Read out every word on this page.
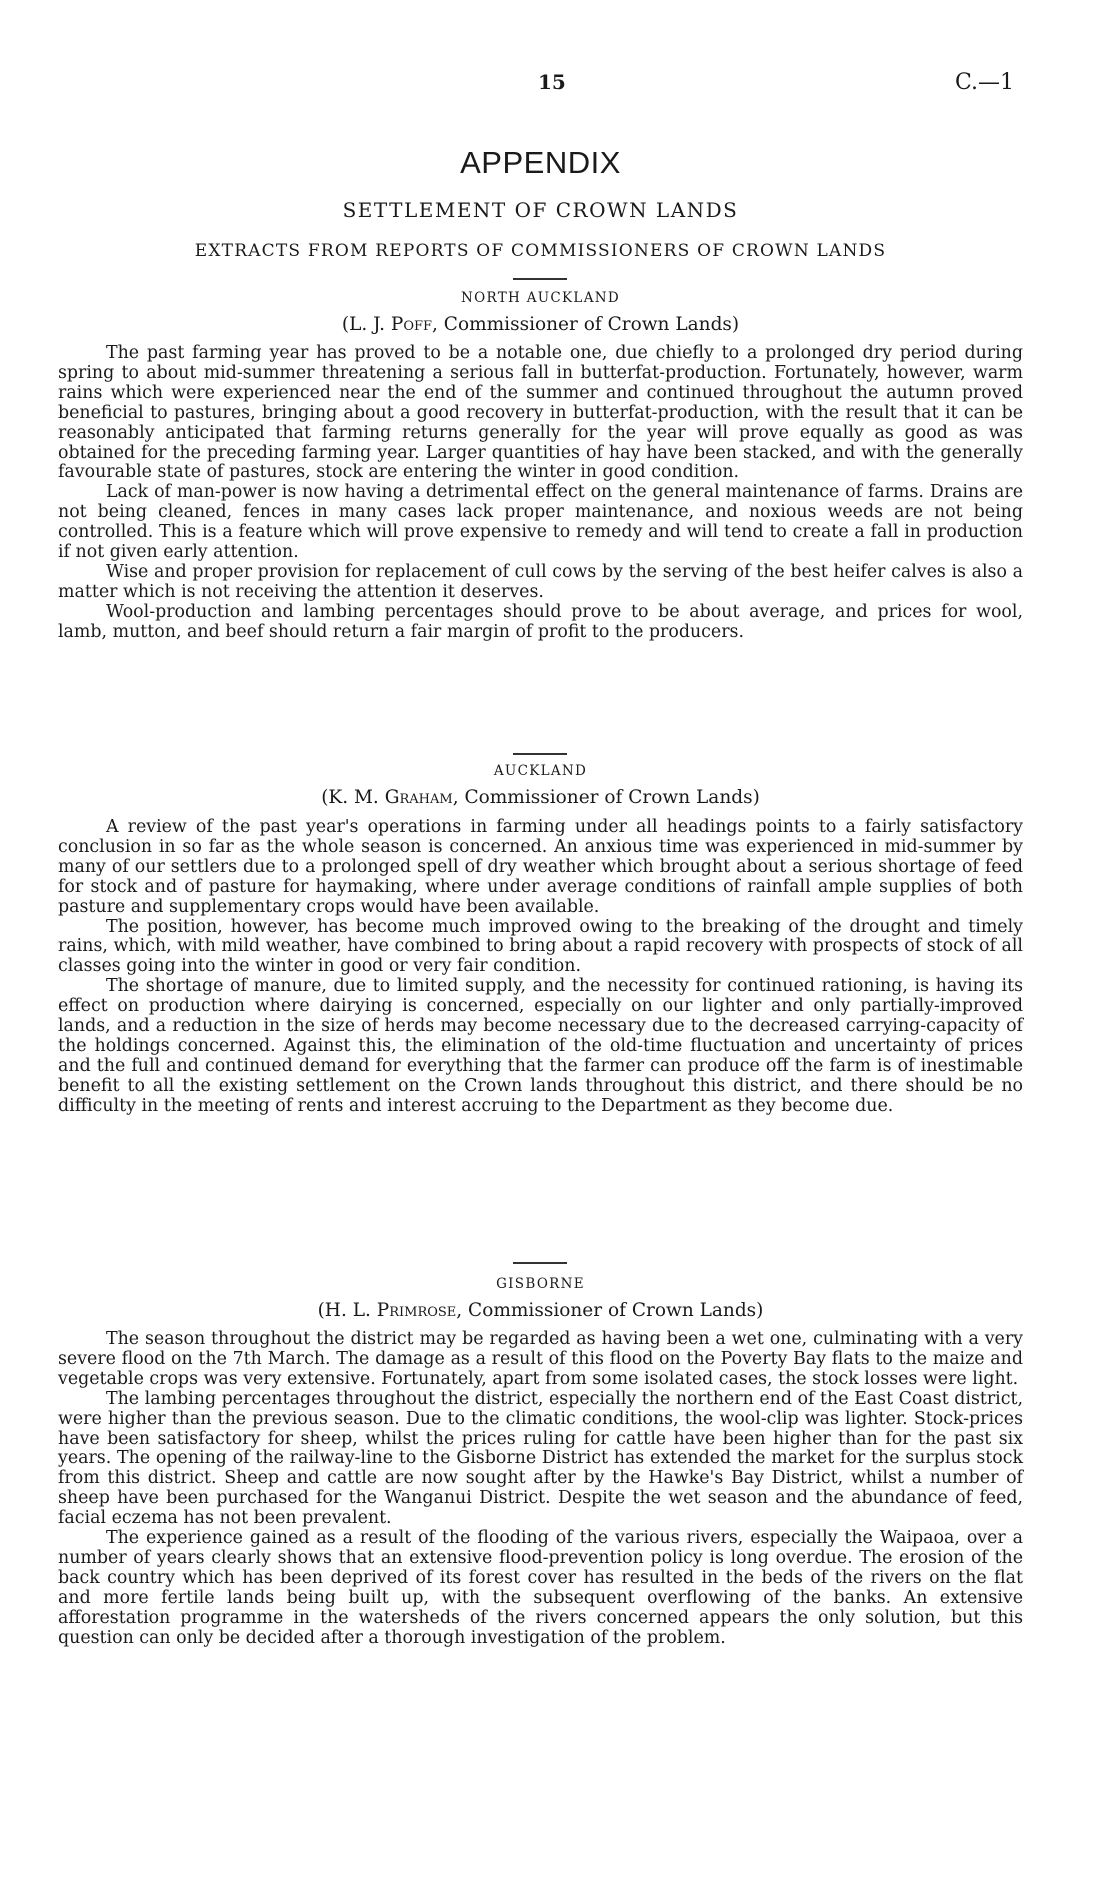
15	C.—1
APPENDIX
SETTLEMENT OF CROWN LANDS
EXTRACTS FROM REPORTS OF COMMISSIONERS OF CROWN LANDS
NORTH AUCKLAND
(L. J. Poff, Commissioner of Crown Lands)

The past farming year has proved to be a notable one, due chiefly to a prolonged dry period during spring to about mid-summer threatening a serious fall in butterfat-production. Fortunately, however, warm rains which were experienced near the end of the summer and continued throughout the autumn proved beneficial to pastures, bringing about a good recovery in butterfat-production, with the result that it can be reasonably anticipated that farming returns generally for the year will prove equally as good as was obtained for the preceding farming year. Larger quantities of hay have been stacked, and with the generally favourable state of pastures, stock are entering the winter in good condition.

Lack of man-power is now having a detrimental effect on the general maintenance of farms. Drains are not being cleaned, fences in many cases lack proper maintenance, and noxious weeds are not being controlled. This is a feature which will prove expensive to remedy and will tend to create a fall in production if not given early attention.

Wise and proper provision for replacement of cull cows by the serving of the best heifer calves is also a matter which is not receiving the attention it deserves.

Wool-production and lambing percentages should prove to be about average, and prices for wool, lamb, mutton, and beef should return a fair margin of profit to the producers.

AUCKLAND
(K. M. Graham, Commissioner of Crown Lands)

A review of the past year's operations in farming under all headings points to a fairly satisfactory conclusion in so far as the whole season is concerned. An anxious time was experienced in mid-summer by many of our settlers due to a prolonged spell of dry weather which brought about a serious shortage of feed for stock and of pasture for haymaking, where under average conditions of rainfall ample supplies of both pasture and supplementary crops would have been available.

The position, however, has become much improved owing to the breaking of the drought and timely rains, which, with mild weather, have combined to bring about a rapid recovery with prospects of stock of all classes going into the winter in good or very fair condition.

The shortage of manure, due to limited supply, and the necessity for continued rationing, is having its effect on production where dairying is concerned, especially on our lighter and only partially-improved lands, and a reduction in the size of herds may become necessary due to the decreased carrying-capacity of the holdings concerned. Against this, the elimination of the old-time fluctuation and uncertainty of prices and the full and continued demand for everything that the farmer can produce off the farm is of inestimable benefit to all the existing settlement on the Crown lands throughout this district, and there should be no difficulty in the meeting of rents and interest accruing to the Department as they become due.

GISBORNE
(H. L. Primrose, Commissioner of Crown Lands)

The season throughout the district may be regarded as having been a wet one, culminating with a very severe flood on the 7th March. The damage as a result of this flood on the Poverty Bay flats to the maize and vegetable crops was very extensive. Fortunately, apart from some isolated cases, the stock losses were light.

The lambing percentages throughout the district, especially the northern end of the East Coast district, were higher than the previous season. Due to the climatic conditions, the wool-clip was lighter. Stock-prices have been satisfactory for sheep, whilst the prices ruling for cattle have been higher than for the past six years. The opening of the railway-line to the Gisborne District has extended the market for the surplus stock from this district. Sheep and cattle are now sought after by the Hawke's Bay District, whilst a number of sheep have been purchased for the Wanganui District. Despite the wet season and the abundance of feed, facial eczema has not been prevalent.

The experience gained as a result of the flooding of the various rivers, especially the Waipaoa, over a number of years clearly shows that an extensive flood-prevention policy is long overdue. The erosion of the back country which has been deprived of its forest cover has resulted in the beds of the rivers on the flat and more fertile lands being built up, with the subsequent overflowing of the banks. An extensive afforestation programme in the watersheds of the rivers concerned appears the only solution, but this question can only be decided after a thorough investigation of the problem.
